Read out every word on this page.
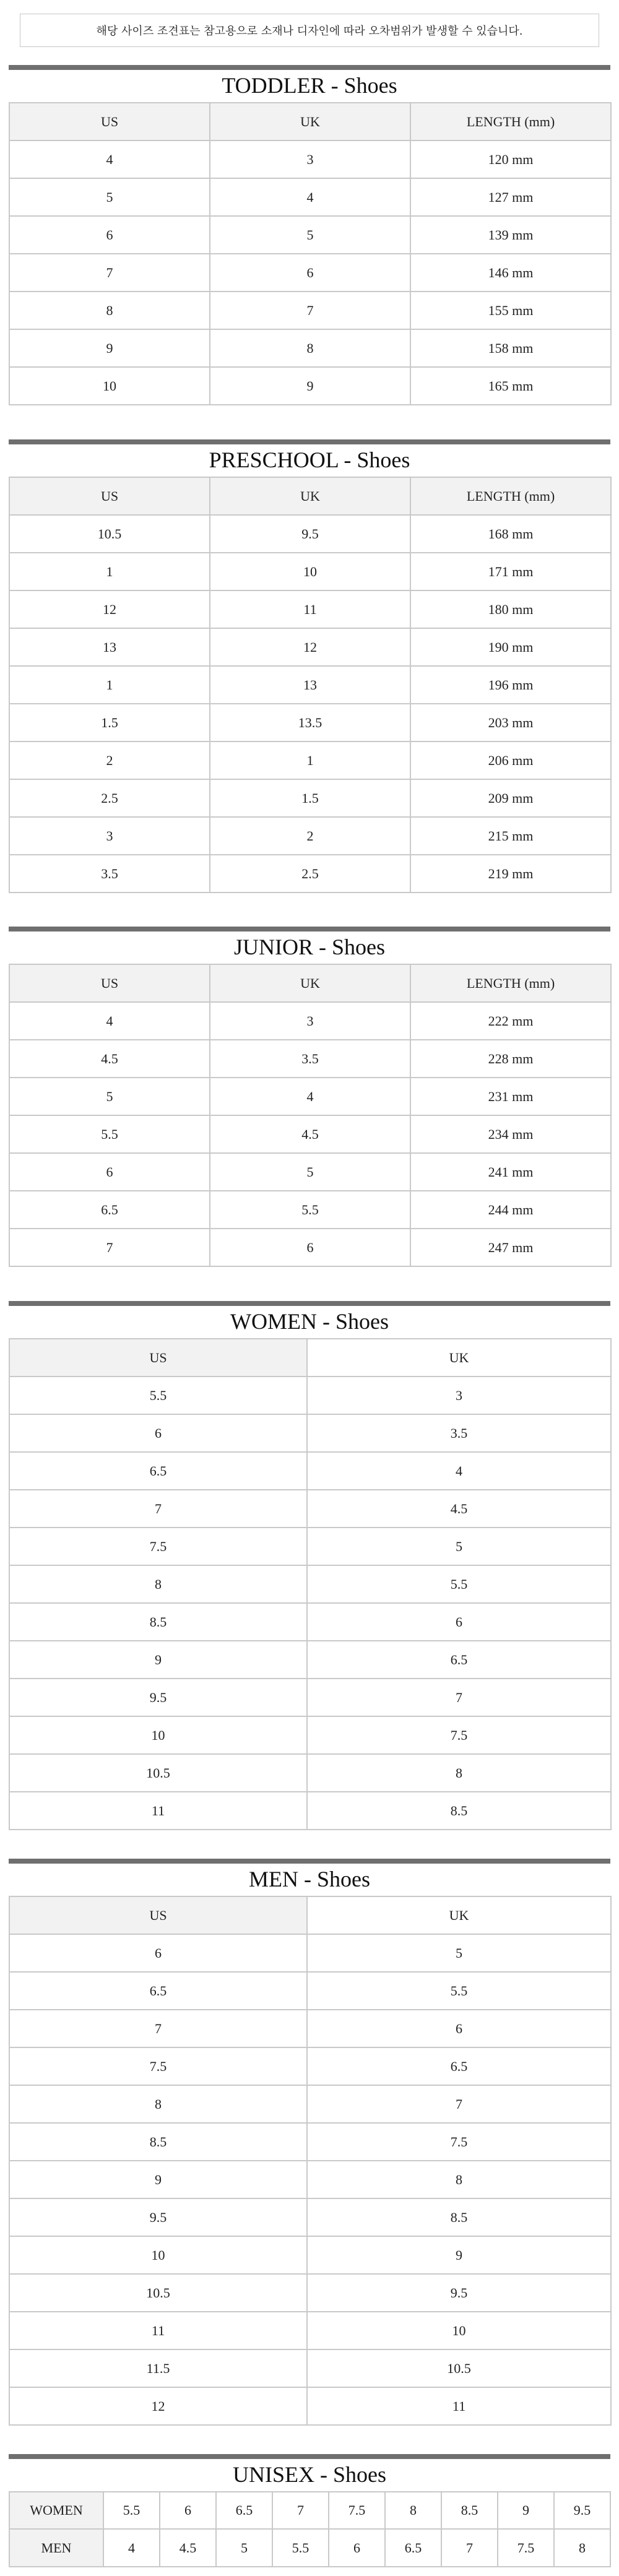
해당 사이즈 조견표는 참고용으로 소재나 디자인에 따라 오차범위가 발생할 수 있습니다.
TODDLER - Shoes
US	UK	LENGTH (mm)
4	3	120 mm
5	4	127 mm
6	5	139 mm
7	6	146 mm
8	7	155 mm
9	8	158 mm
10	9	165 mm
PRESCHOOL - Shoes
US	UK	LENGTH (mm)
10.5	9.5	168 mm
1	10	171 mm
12	11	180 mm
13	12	190 mm
1	13	196 mm
1.5	13.5	203 mm
2	1	206 mm
2.5	1.5	209 mm
3	2	215 mm
3.5	2.5	219 mm
JUNIOR - Shoes
US	UK	LENGTH (mm)
4	3	222 mm
4.5	3.5	228 mm
5	4	231 mm
5.5	4.5	234 mm
6	5	241 mm
6.5	5.5	244 mm
7	6	247 mm
WOMEN - Shoes
US	UK
5.5	3
6	3.5
6.5	4
7	4.5
7.5	5
8	5.5
8.5	6
9	6.5
9.5	7
10	7.5
10.5	8
11	8.5
MEN - Shoes
US	UK
6	5
6.5	5.5
7	6
7.5	6.5
8	7
8.5	7.5
9	8
9.5	8.5
10	9
10.5	9.5
11	10
11.5	10.5
12	11
UNISEX - Shoes
WOMEN	5.5	6	6.5	7	7.5	8	8.5	9	9.5
MEN	4	4.5	5	5.5	6	6.5	7	7.5	8
